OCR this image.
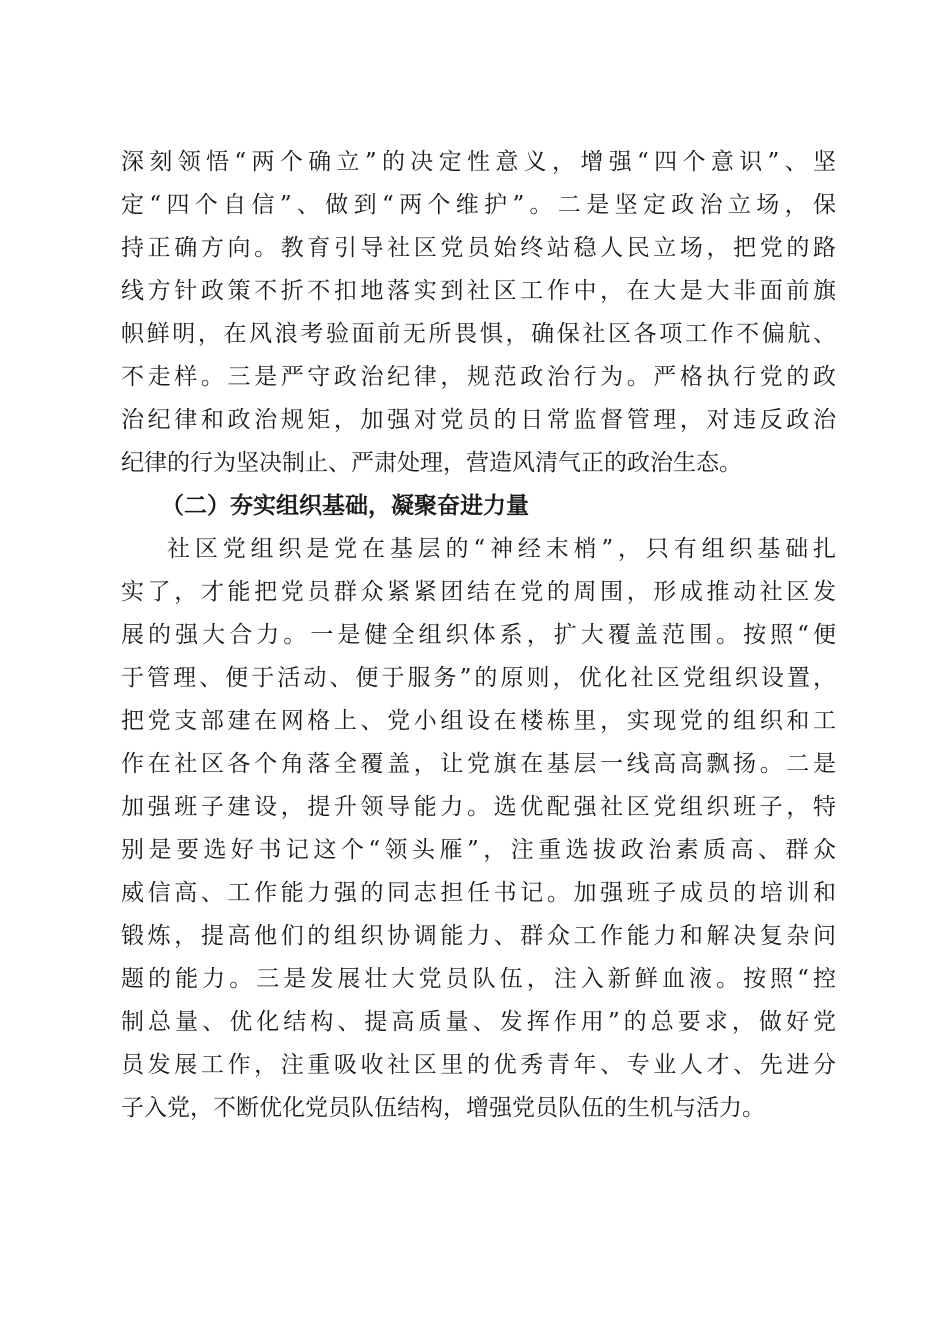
深刻领悟“两个确立”的决定性意义，增强“四个意识”、坚
定“四个自信”、做到“两个维护”。二是坚定政治立场，保
持正确方向。教育引导社区党员始终站稳人民立场，把党的路
线方针政策不折不扣地落实到社区工作中，在大是大非面前旗
帜鲜明，在风浪考验面前无所畏惧，确保社区各项工作不偏航、
不走样。三是严守政治纪律，规范政治行为。严格执行党的政
治纪律和政治规矩，加强对党员的日常监督管理，对违反政治
纪律的行为坚决制止、严肃处理，营造风清气正的政治生态。
（二）夯实组织基础，凝聚奋进力量
社区党组织是党在基层的“神经末梢”，只有组织基础扎
实了，才能把党员群众紧紧团结在党的周围，形成推动社区发
展的强大合力。一是健全组织体系，扩大覆盖范围。按照“便
于管理、便于活动、便于服务”的原则，优化社区党组织设置，
把党支部建在网格上、党小组设在楼栋里，实现党的组织和工
作在社区各个角落全覆盖，让党旗在基层一线高高飘扬。二是
加强班子建设，提升领导能力。选优配强社区党组织班子，特
别是要选好书记这个“领头雁”，注重选拔政治素质高、群众
威信高、工作能力强的同志担任书记。加强班子成员的培训和
锻炼，提高他们的组织协调能力、群众工作能力和解决复杂问
题的能力。三是发展壮大党员队伍，注入新鲜血液。按照“控
制总量、优化结构、提高质量、发挥作用”的总要求，做好党
员发展工作，注重吸收社区里的优秀青年、专业人才、先进分
子入党，不断优化党员队伍结构，增强党员队伍的生机与活力。
